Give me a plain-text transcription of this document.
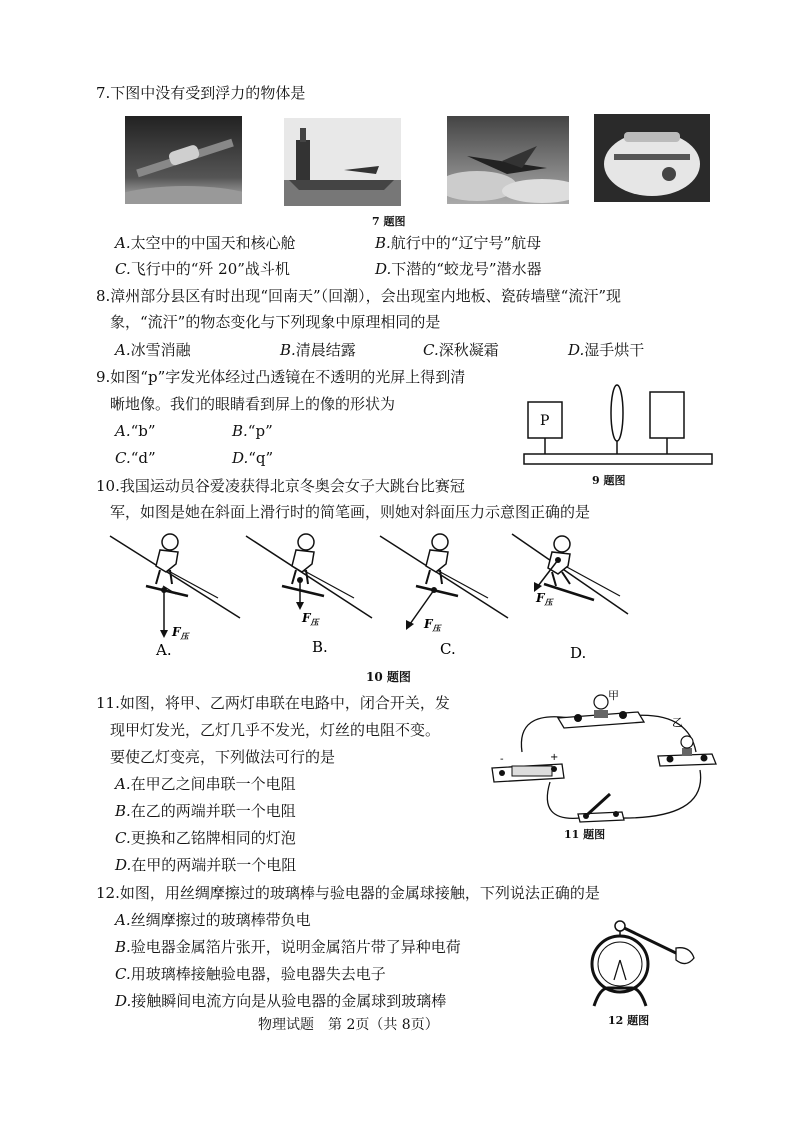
7.下图中没有受到浮力的物体是
7 题图
A.太空中的中国天和核心舱	B.航行中的“辽宁号”航母
C.飞行中的“歼 20”战斗机	D.下潜的“蛟龙号”潜水器
8.漳州部分县区有时出现“回南天”（回潮），会出现室内地板、瓷砖墙壁“流汗”现
象，“流汗”的物态变化与下列现象中原理相同的是
A.冰雪消融	B.清晨结露	C.深秋凝霜	D.湿手烘干
9.如图“p”字发光体经过凸透镜在不透明的光屏上得到清
晰地像。我们的眼睛看到屏上的像的形状为
A.“b”	B.“p”
C.“d”	D.“q”
P
9 题图
10.我国运动员谷爱凌获得北京冬奥会女子大跳台比赛冠
军，如图是她在斜面上滑行时的简笔画，则她对斜面压力示意图正确的是
$F_压$
A.
$F_压$
B.
$F_压$
C.
$F_压$
D.
10 题图
11.如图，将甲、乙两灯串联在电路中，闭合开关，发
现甲灯发光，乙灯几乎不发光，灯丝的电阻不变。
要使乙灯变亮，下列做法可行的是
A.在甲乙之间串联一个电阻
B.在乙的两端并联一个电阻
C.更换和乙铭牌相同的灯泡
D.在甲的两端并联一个电阻
甲
乙
-	+
11 题图
12.如图，用丝绸摩擦过的玻璃棒与验电器的金属球接触，下列说法正确的是
A.丝绸摩擦过的玻璃棒带负电
B.验电器金属箔片张开，说明金属箔片带了异种电荷
C.用玻璃棒接触验电器，验电器失去电子
D.接触瞬间电流方向是从验电器的金属球到玻璃棒
12 题图
物理试题　第 2页（共 8页）
